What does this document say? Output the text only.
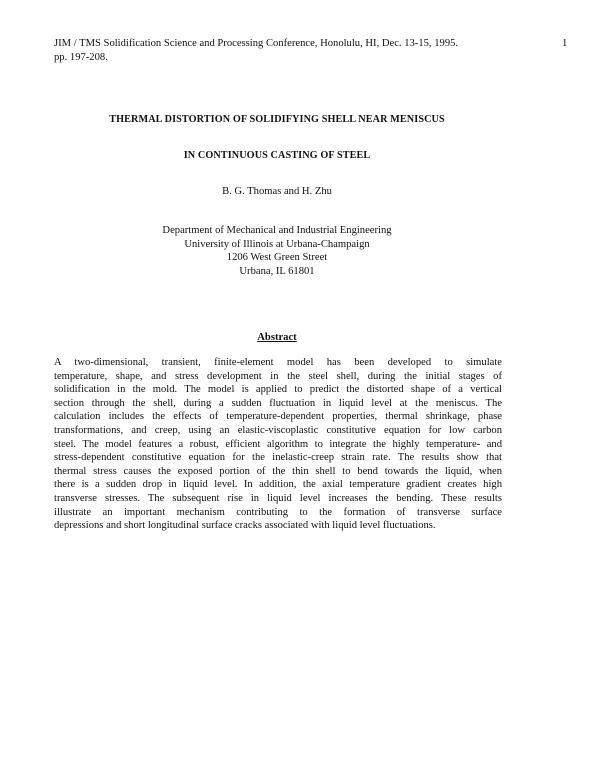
JIM / TMS Solidification Science and Processing Conference, Honolulu, HI, Dec. 13-15, 1995.
pp. 197-208.
1
THERMAL DISTORTION OF SOLIDIFYING SHELL NEAR MENISCUS
IN CONTINUOUS CASTING OF STEEL
B. G. Thomas and H. Zhu
Department of Mechanical and Industrial Engineering
University of Illinois at Urbana-Champaign
1206 West Green Street
Urbana, IL 61801
Abstract
A two-dimensional, transient, finite-element model has been developed to simulate
temperature, shape, and stress development in the steel shell, during the initial stages of
solidification in the mold. The model is applied to predict the distorted shape of a vertical
section through the shell, during a sudden fluctuation in liquid level at the meniscus. The
calculation includes the effects of temperature-dependent properties, thermal shrinkage, phase
transformations, and creep, using an elastic-viscoplastic constitutive equation for low carbon
steel. The model features a robust, efficient algorithm to integrate the highly temperature- and
stress-dependent constitutive equation for the inelastic-creep strain rate. The results show that
thermal stress causes the exposed portion of the thin shell to bend towards the liquid, when
there is a sudden drop in liquid level. In addition, the axial temperature gradient creates high
transverse stresses. The subsequent rise in liquid level increases the bending. These results
illustrate an important mechanism contributing to the formation of transverse surface
depressions and short longitudinal surface cracks associated with liquid level fluctuations.
